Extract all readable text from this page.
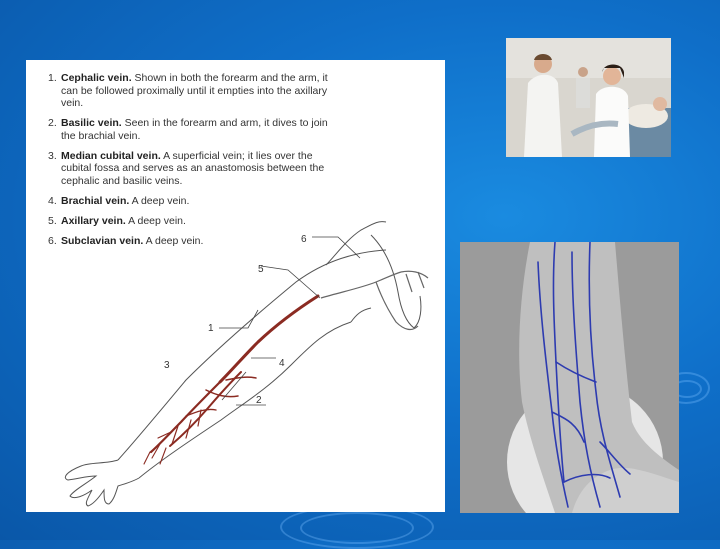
1. Cephalic vein. Shown in both the forearm and the arm, it can be followed proximally until it empties into the axillary vein.
2. Basilic vein. Seen in the forearm and arm, it dives to join the brachial vein.
3. Median cubital vein. A superficial vein; it lies over the cubital fossa and serves as an anastomosis between the cephalic and basilic veins.
4. Brachial vein. A deep vein.
5. Axillary vein. A deep vein.
6. Subclavian vein. A deep vein.
1
2
3	4
5
6
